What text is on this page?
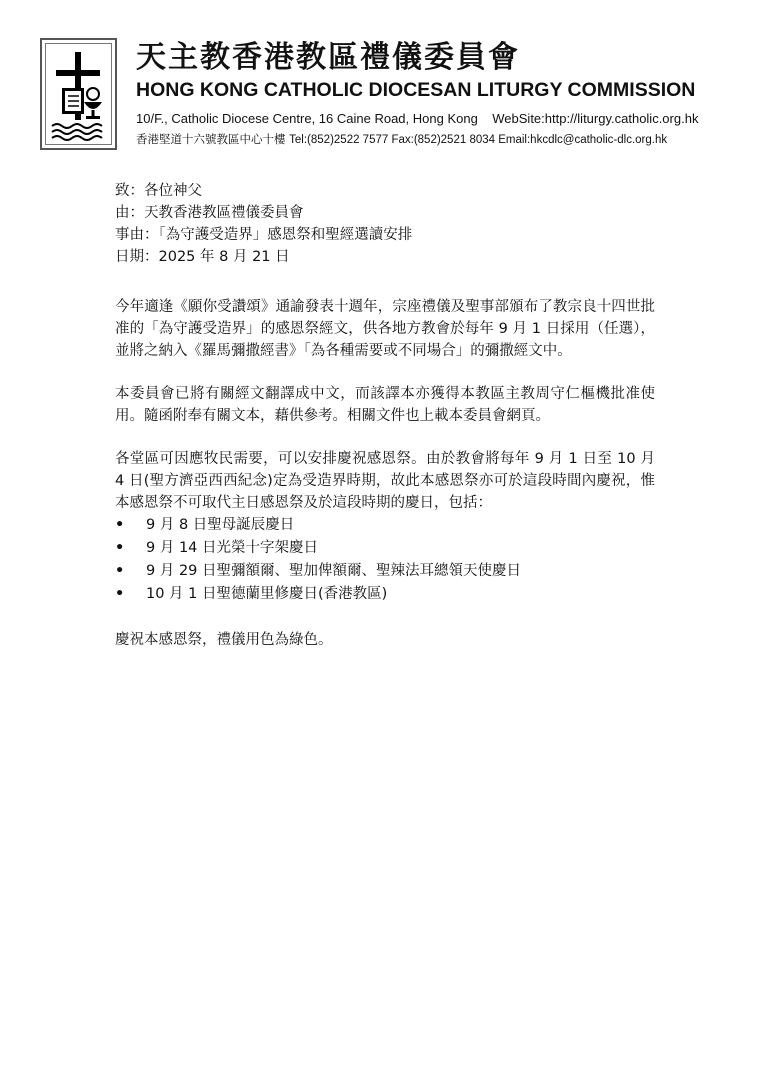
天主教香港教區禮儀委員會
HONG KONG CATHOLIC DIOCESAN LITURGY COMMISSION
10/F., Catholic Diocese Centre, 16 Caine Road, Hong Kong WebSite:http://liturgy.catholic.org.hk
香港堅道十六號教區中心十樓 Tel:(852)2522 7577 Fax:(852)2521 8034 Email:hkcdlc@catholic-dlc.org.hk
致：各位神父
由：天教香港教區禮儀委員會
事由：「為守護受造界」感恩祭和聖經選讀安排
日期：2025 年 8 月 21 日
今年適逢《願你受讚頌》通諭發表十週年，宗座禮儀及聖事部頒布了教宗良十四世批准的「為守護受造界」的感恩祭經文，供各地方教會於每年 9 月 1 日採用（任選），並將之納入《羅馬彌撒經書》「為各種需要或不同場合」的彌撒經文中。
本委員會已將有關經文翻譯成中文，而該譯本亦獲得本教區主教周守仁樞機批准使用。隨函附奉有關文本，藉供參考。相關文件也上載本委員會網頁。
各堂區可因應牧民需要，可以安排慶祝感恩祭。由於教會將每年 9 月 1 日至 10 月 4 日(聖方濟亞西西紀念)定為受造界時期，故此本感恩祭亦可於這段時間內慶祝，惟本感恩祭不可取代主日感恩祭及於這段時期的慶日，包括：
• 9 月 8 日聖母誕辰慶日
• 9 月 14 日光榮十字架慶日
• 9 月 29 日聖彌額爾、聖加俾額爾、聖辣法耳總領天使慶日
• 10 月 1 日聖德蘭里修慶日(香港教區)
慶祝本感恩祭，禮儀用色為綠色。
